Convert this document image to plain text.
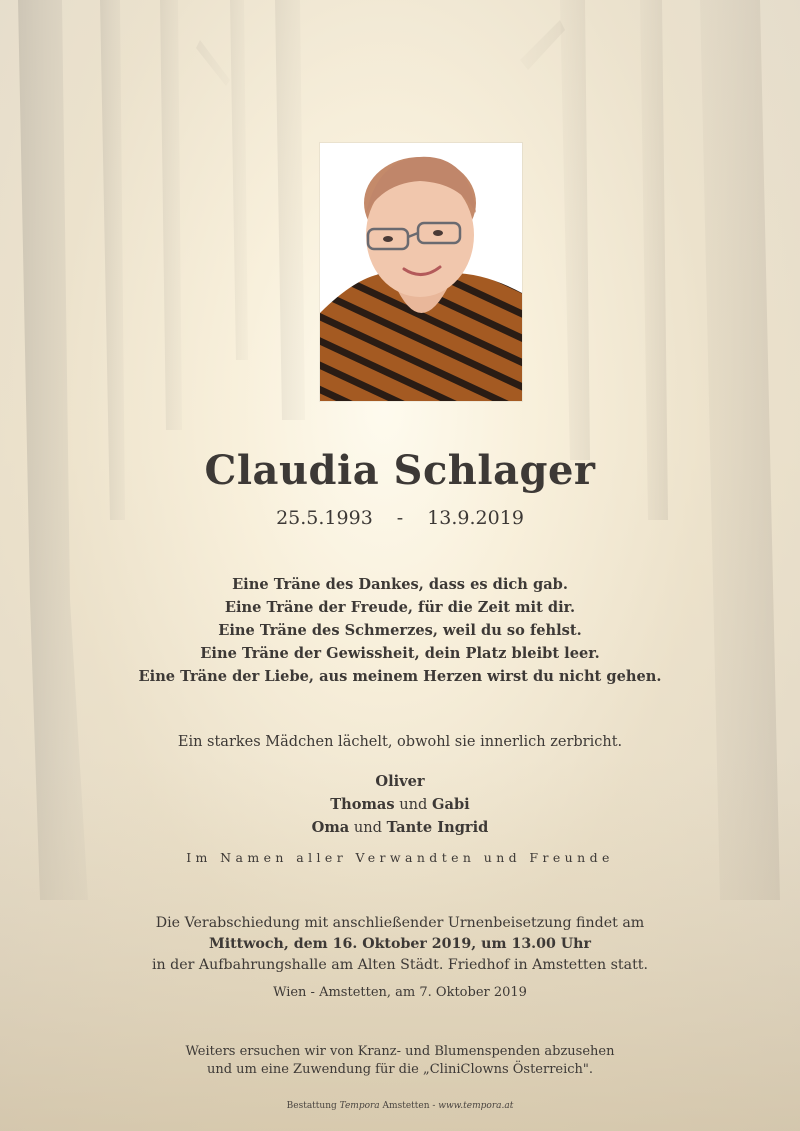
Claudia Schlager
25.5.1993 - 13.9.2019
Eine Träne des Dankes, dass es dich gab.
Eine Träne der Freude, für die Zeit mit dir.
Eine Träne des Schmerzes, weil du so fehlst.
Eine Träne der Gewissheit, dein Platz bleibt leer.
Eine Träne der Liebe, aus meinem Herzen wirst du nicht gehen.
Ein starkes Mädchen lächelt, obwohl sie innerlich zerbricht.
Oliver
Thomas und Gabi
Oma und Tante Ingrid
Im Namen aller Verwandten und Freunde
Die Verabschiedung mit anschließender Urnenbeisetzung findet am
Mittwoch, dem 16. Oktober 2019, um 13.00 Uhr
in der Aufbahrungshalle am Alten Städt. Friedhof in Amstetten statt.
Wien - Amstetten, am 7. Oktober 2019
Weiters ersuchen wir von Kranz- und Blumenspenden abzusehen
und um eine Zuwendung für die „CliniClowns Österreich".
Bestattung Tempora Amstetten - www.tempora.at
